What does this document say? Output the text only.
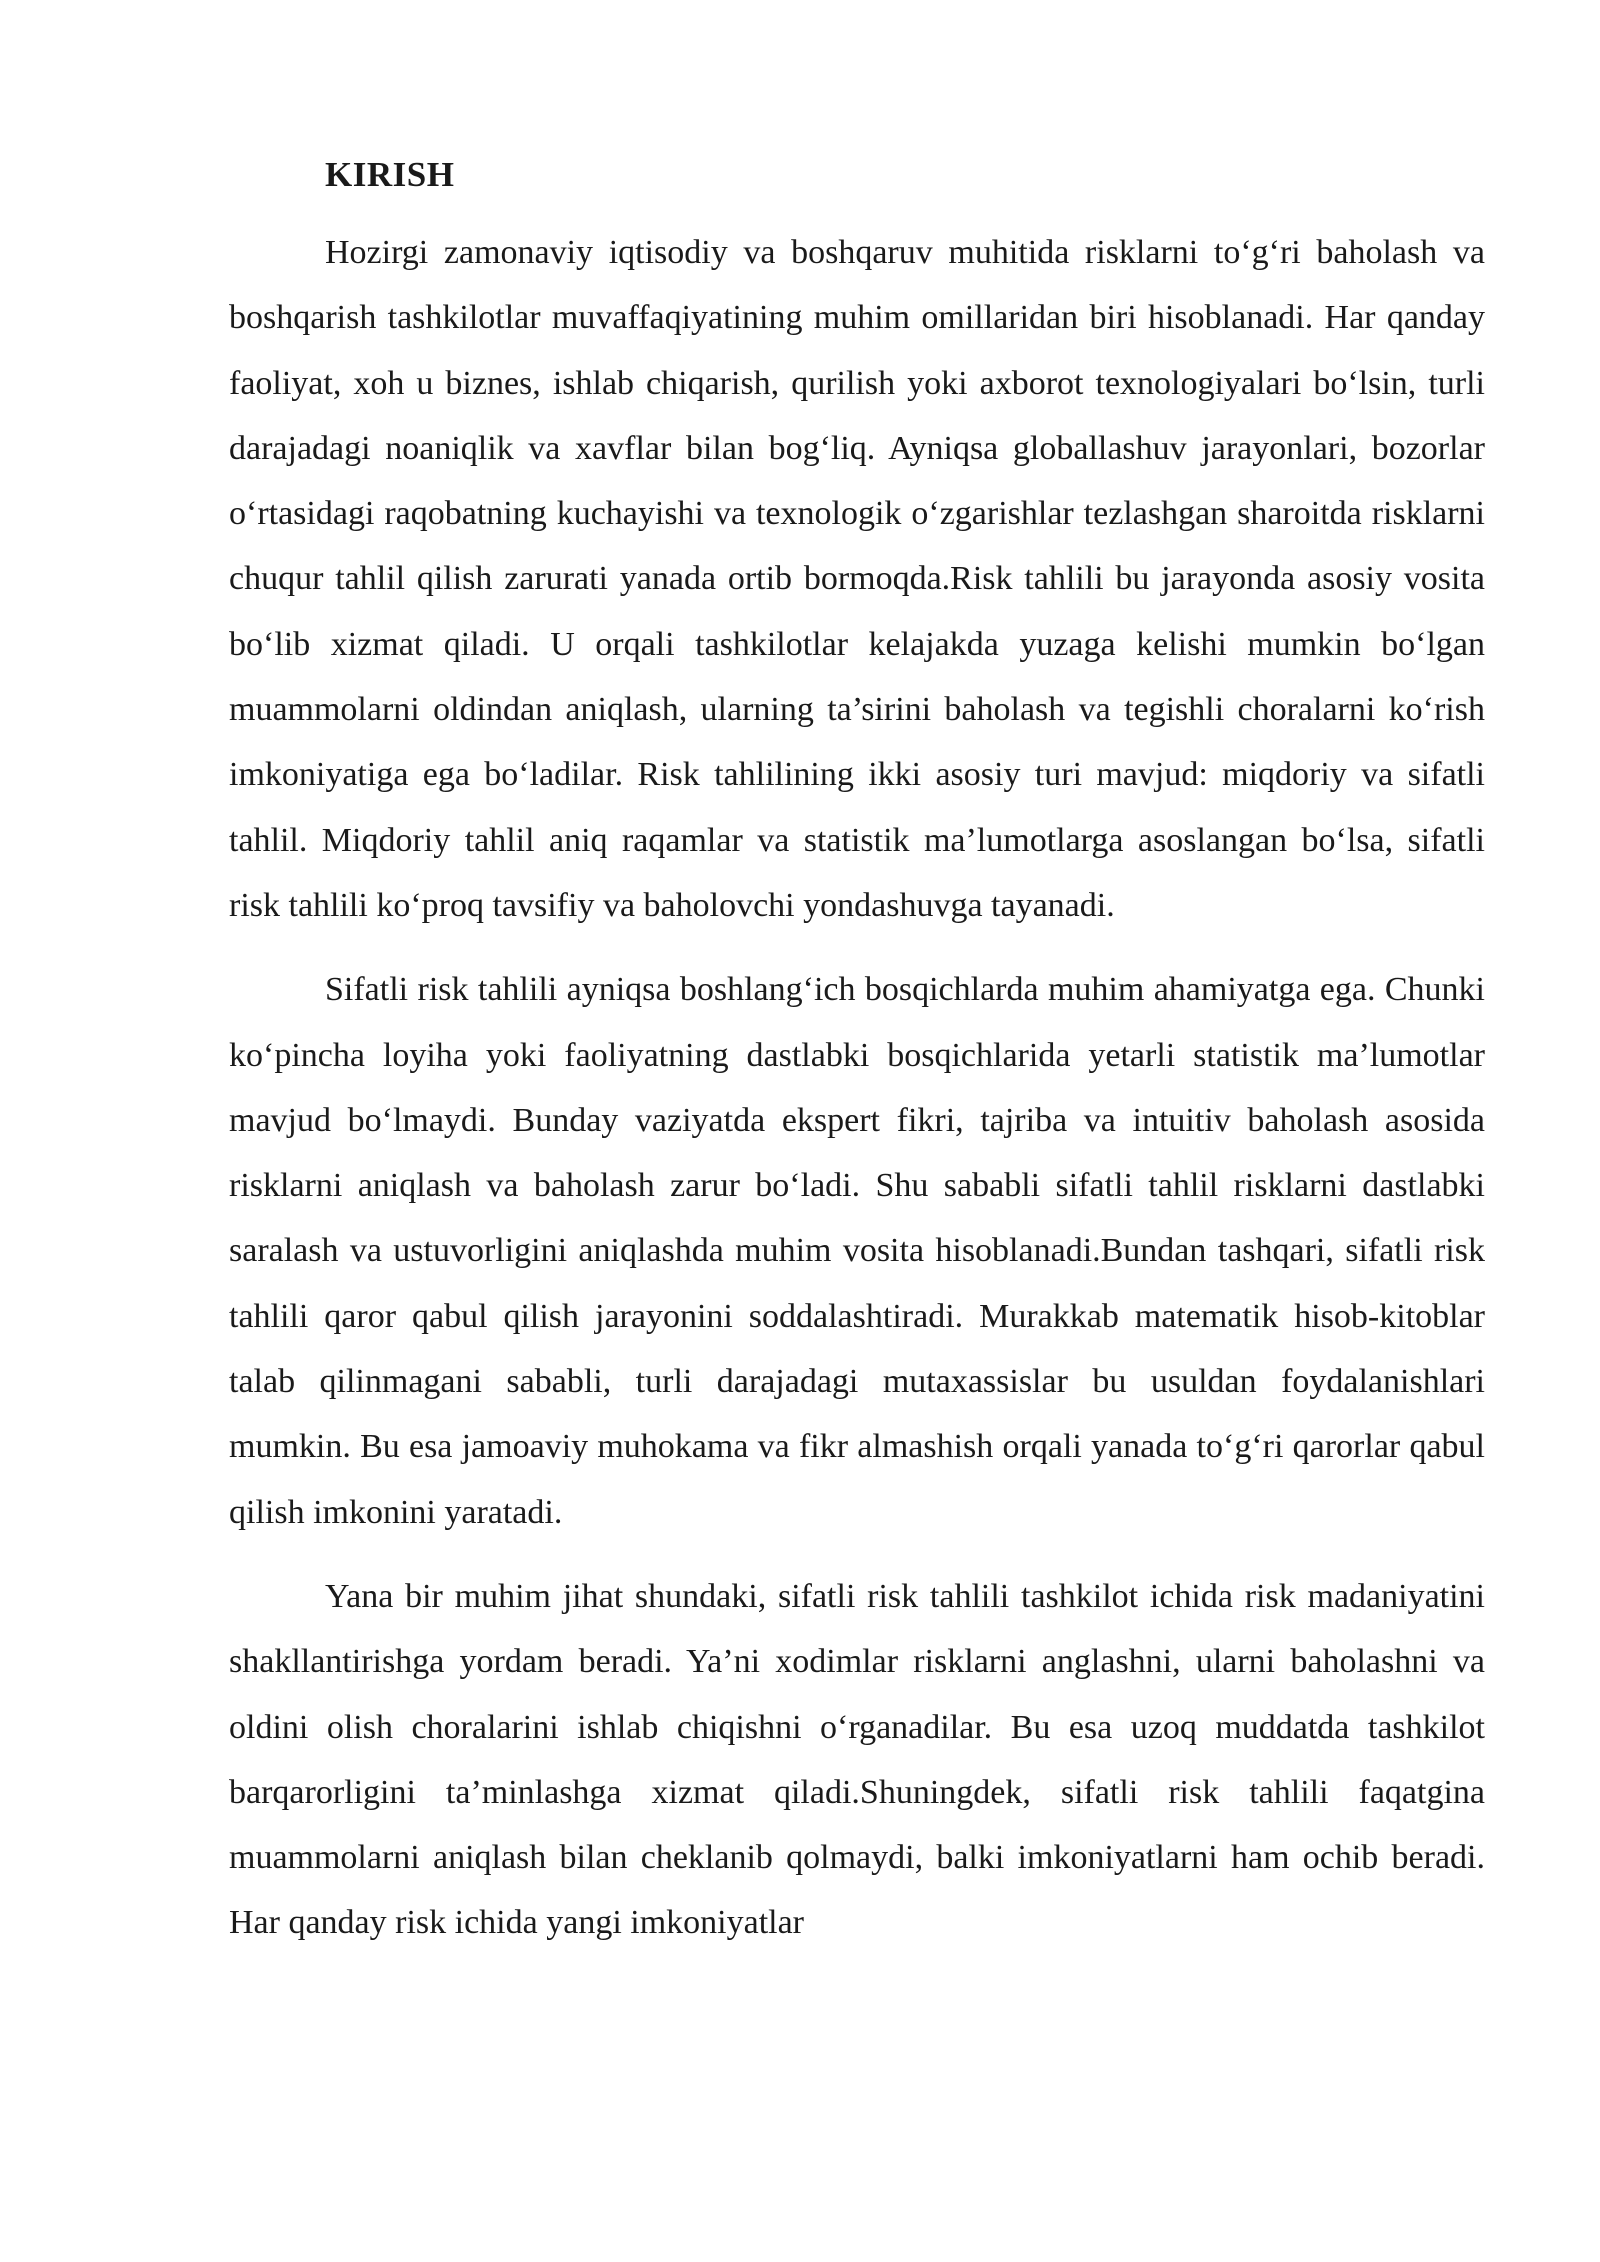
KIRISH

Hozirgi zamonaviy iqtisodiy va boshqaruv muhitida risklarni to‘g‘ri baholash va boshqarish tashkilotlar muvaffaqiyatining muhim omillaridan biri hisoblanadi. Har qanday faoliyat, xoh u biznes, ishlab chiqarish, qurilish yoki axborot texnologiyalari bo‘lsin, turli darajadagi noaniqlik va xavflar bilan bog‘liq. Ayniqsa globallashuv jarayonlari, bozorlar o‘rtasidagi raqobatning kuchayishi va texnologik o‘zgarishlar tezlashgan sharoitda risklarni chuqur tahlil qilish zarurati yanada ortib bormoqda.Risk tahlili bu jarayonda asosiy vosita bo‘lib xizmat qiladi. U orqali tashkilotlar kelajakda yuzaga kelishi mumkin bo‘lgan muammolarni oldindan aniqlash, ularning ta’sirini baholash va tegishli choralarni ko‘rish imkoniyatiga ega bo‘ladilar. Risk tahlilining ikki asosiy turi mavjud: miqdoriy va sifatli tahlil. Miqdoriy tahlil aniq raqamlar va statistik ma’lumotlarga asoslangan bo‘lsa, sifatli risk tahlili ko‘proq tavsifiy va baholovchi yondashuvga tayanadi.

Sifatli risk tahlili ayniqsa boshlang‘ich bosqichlarda muhim ahamiyatga ega. Chunki ko‘pincha loyiha yoki faoliyatning dastlabki bosqichlarida yetarli statistik ma’lumotlar mavjud bo‘lmaydi. Bunday vaziyatda ekspert fikri, tajriba va intuitiv baholash asosida risklarni aniqlash va baholash zarur bo‘ladi. Shu sababli sifatli tahlil risklarni dastlabki saralash va ustuvorligini aniqlashda muhim vosita hisoblanadi.Bundan tashqari, sifatli risk tahlili qaror qabul qilish jarayonini soddalashtiradi. Murakkab matematik hisob-kitoblar talab qilinmagani sababli, turli darajadagi mutaxassislar bu usuldan foydalanishlari mumkin. Bu esa jamoaviy muhokama va fikr almashish orqali yanada to‘g‘ri qarorlar qabul qilish imkonini yaratadi.

Yana bir muhim jihat shundaki, sifatli risk tahlili tashkilot ichida risk madaniyatini shakllantirishga yordam beradi. Ya’ni xodimlar risklarni anglashni, ularni baholashni va oldini olish choralarini ishlab chiqishni o‘rganadilar. Bu esa uzoq muddatda tashkilot barqarorligini ta’minlashga xizmat qiladi.Shuningdek, sifatli risk tahlili faqatgina muammolarni aniqlash bilan cheklanib qolmaydi, balki imkoniyatlarni ham ochib beradi. Har qanday risk ichida yangi imkoniyatlar
